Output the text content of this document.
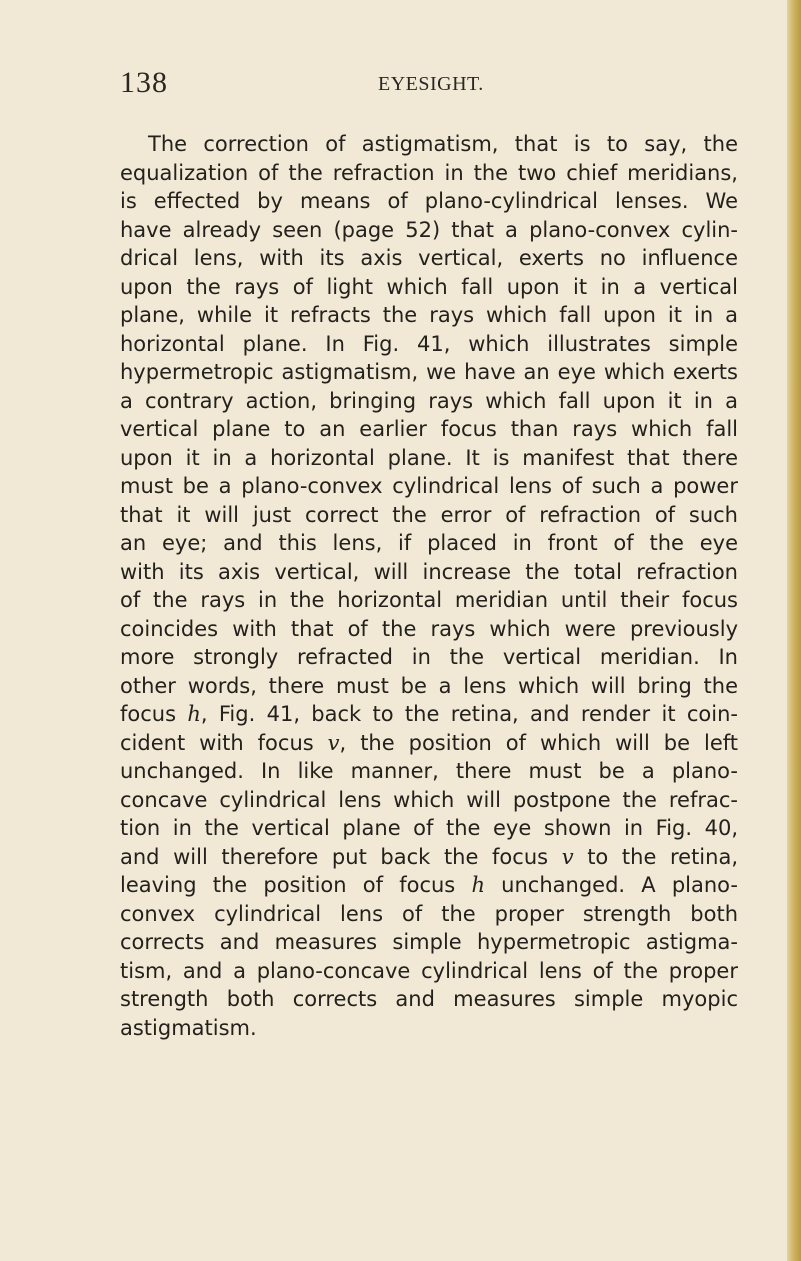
138	EYESIGHT.
The correction of astigmatism, that is to say, the
equalization of the refraction in the two chief meridians,
is effected by means of plano-cylindrical lenses. We
have already seen (page 52) that a plano-convex cylin-
drical lens, with its axis vertical, exerts no influence
upon the rays of light which fall upon it in a vertical
plane, while it refracts the rays which fall upon it in a
horizontal plane. In Fig. 41, which illustrates simple
hypermetropic astigmatism, we have an eye which exerts
a contrary action, bringing rays which fall upon it in a
vertical plane to an earlier focus than rays which fall
upon it in a horizontal plane. It is manifest that there
must be a plano-convex cylindrical lens of such a power
that it will just correct the error of refraction of such
an eye; and this lens, if placed in front of the eye
with its axis vertical, will increase the total refraction
of the rays in the horizontal meridian until their focus
coincides with that of the rays which were previously
more strongly refracted in the vertical meridian. In
other words, there must be a lens which will bring the
focus h, Fig. 41, back to the retina, and render it coin-
cident with focus v, the position of which will be left
unchanged. In like manner, there must be a plano-
concave cylindrical lens which will postpone the refrac-
tion in the vertical plane of the eye shown in Fig. 40,
and will therefore put back the focus v to the retina,
leaving the position of focus h unchanged. A plano-
convex cylindrical lens of the proper strength both
corrects and measures simple hypermetropic astigma-
tism, and a plano-concave cylindrical lens of the proper
strength both corrects and measures simple myopic
astigmatism.
